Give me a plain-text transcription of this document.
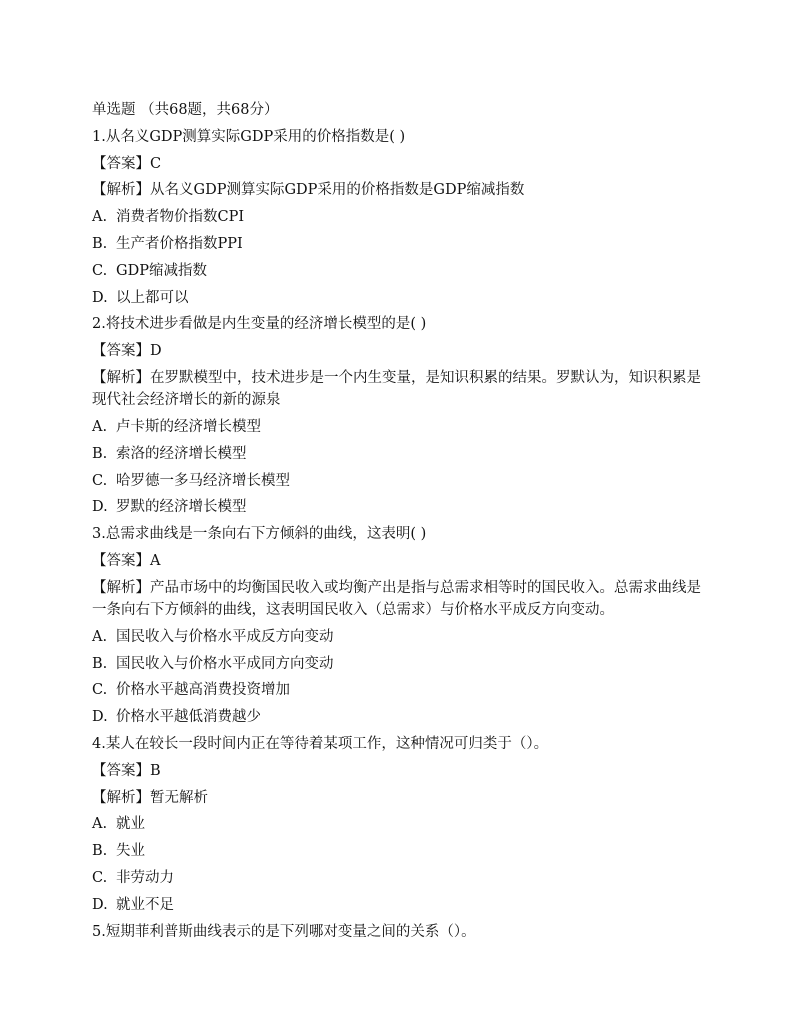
单选题 （共68题，共68分）
1.从名义GDP测算实际GDP采用的价格指数是( )
【答案】C
【解析】从名义GDP测算实际GDP采用的价格指数是GDP缩减指数
A. 消费者物价指数CPI
B. 生产者价格指数PPI
C. GDP缩减指数
D. 以上都可以
2.将技术进步看做是内生变量的经济增长模型的是( )
【答案】D
【解析】在罗默模型中，技术进步是一个内生变量，是知识积累的结果。罗默认为，知识积累是现代社会经济增长的新的源泉
A. 卢卡斯的经济增长模型
B. 索洛的经济增长模型
C. 哈罗德一多马经济增长模型
D. 罗默的经济增长模型
3.总需求曲线是一条向右下方倾斜的曲线，这表明( )
【答案】A
【解析】产品市场中的均衡国民收入或均衡产出是指与总需求相等时的国民收入。总需求曲线是一条向右下方倾斜的曲线，这表明国民收入（总需求）与价格水平成反方向变动。
A. 国民收入与价格水平成反方向变动
B. 国民收入与价格水平成同方向变动
C. 价格水平越高消费投资增加
D. 价格水平越低消费越少
4.某人在较长一段时间内正在等待着某项工作，这种情况可归类于（）。
【答案】B
【解析】暂无解析
A. 就业
B. 失业
C. 非劳动力
D. 就业不足
5.短期菲利普斯曲线表示的是下列哪对变量之间的关系（）。
